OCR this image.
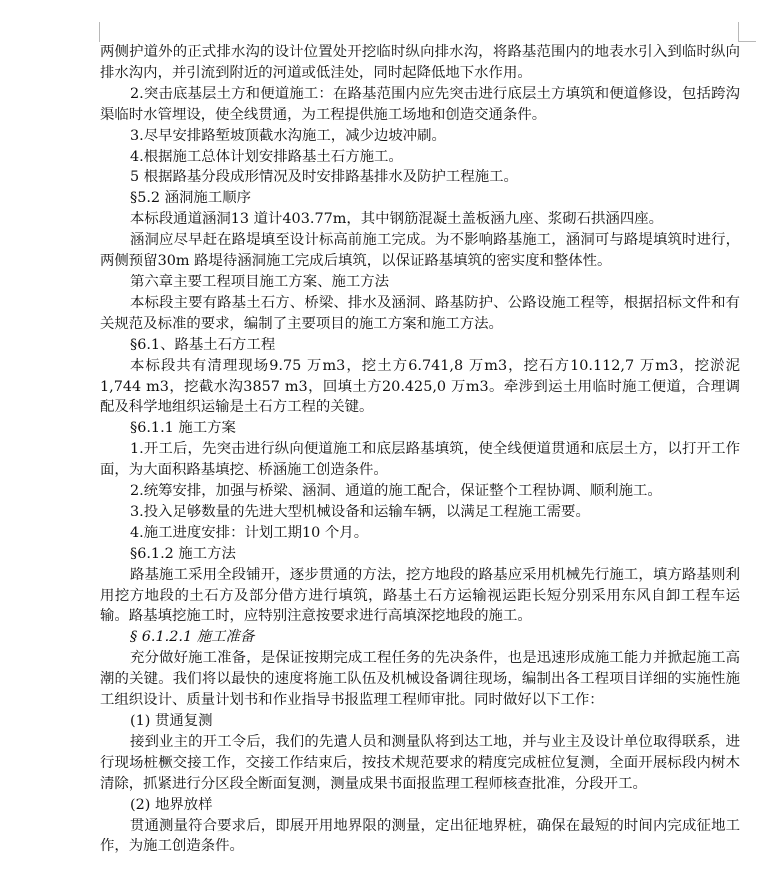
两侧护道外的正式排水沟的设计位置处开挖临时纵向排水沟，将路基范围内的地表水引入到临时纵向排水沟内，并引流到附近的河道或低洼处，同时起降低地下水作用。

2.突击底基层土方和便道施工：在路基范围内应先突击进行底层土方填筑和便道修设，包括跨沟渠临时水管埋设，使全线贯通，为工程提供施工场地和创造交通条件。

3.尽早安排路堑坡顶截水沟施工，减少边坡冲刷。

4.根据施工总体计划安排路基土石方施工。

5 根据路基分段成形情况及时安排路基排水及防护工程施工。

§5.2 涵洞施工顺序

本标段通道涵洞13 道计403.77m，其中钢筋混凝土盖板涵九座、浆砌石拱涵四座。

涵洞应尽早赶在路堤填至设计标高前施工完成。为不影响路基施工，涵洞可与路堤填筑时进行，两侧预留30m 路堤待涵洞施工完成后填筑，以保证路基填筑的密实度和整体性。

第六章主要工程项目施工方案、施工方法

本标段主要有路基土石方、桥梁、排水及涵洞、路基防护、公路设施工程等，根据招标文件和有关规范及标准的要求，编制了主要项目的施工方案和施工方法。

§6.1、路基土石方工程

本标段共有清理现场9.75 万m3，挖土方6.741,8 万m3，挖石方10.112,7 万m3，挖淤泥1,744 m3，挖截水沟3857 m3，回填土方20.425,0 万m3。牵涉到运土用临时施工便道，合理调配及科学地组织运输是土石方工程的关键。

§6.1.1 施工方案

1.开工后，先突击进行纵向便道施工和底层路基填筑，使全线便道贯通和底层土方，以打开工作面，为大面积路基填挖、桥涵施工创造条件。

2.统筹安排，加强与桥梁、涵洞、通道的施工配合，保证整个工程协调、顺利施工。

3.投入足够数量的先进大型机械设备和运输车辆，以满足工程施工需要。

4.施工进度安排：计划工期10 个月。

§6.1.2 施工方法

路基施工采用全段铺开，逐步贯通的方法，挖方地段的路基应采用机械先行施工，填方路基则利用挖方地段的土石方及部分借方进行填筑，路基土石方运输视运距长短分别采用东风自卸工程车运输。路基填挖施工时，应特别注意按要求进行高填深挖地段的施工。

§ 6.1.2.1 施工准备

充分做好施工准备，是保证按期完成工程任务的先决条件，也是迅速形成施工能力并掀起施工高潮的关键。我们将以最快的速度将施工队伍及机械设备调往现场，编制出各工程项目详细的实施性施工组织设计、质量计划书和作业指导书报监理工程师审批。同时做好以下工作：

(1) 贯通复测

接到业主的开工令后，我们的先遣人员和测量队将到达工地，并与业主及设计单位取得联系，进行现场桩橛交接工作，交接工作结束后，按技术规范要求的精度完成桩位复测，全面开展标段内树木清除，抓紧进行分区段全断面复测，测量成果书面报监理工程师核查批准，分段开工。

(2) 地界放样

贯通测量符合要求后，即展开用地界限的测量，定出征地界桩，确保在最短的时间内完成征地工作，为施工创造条件。
